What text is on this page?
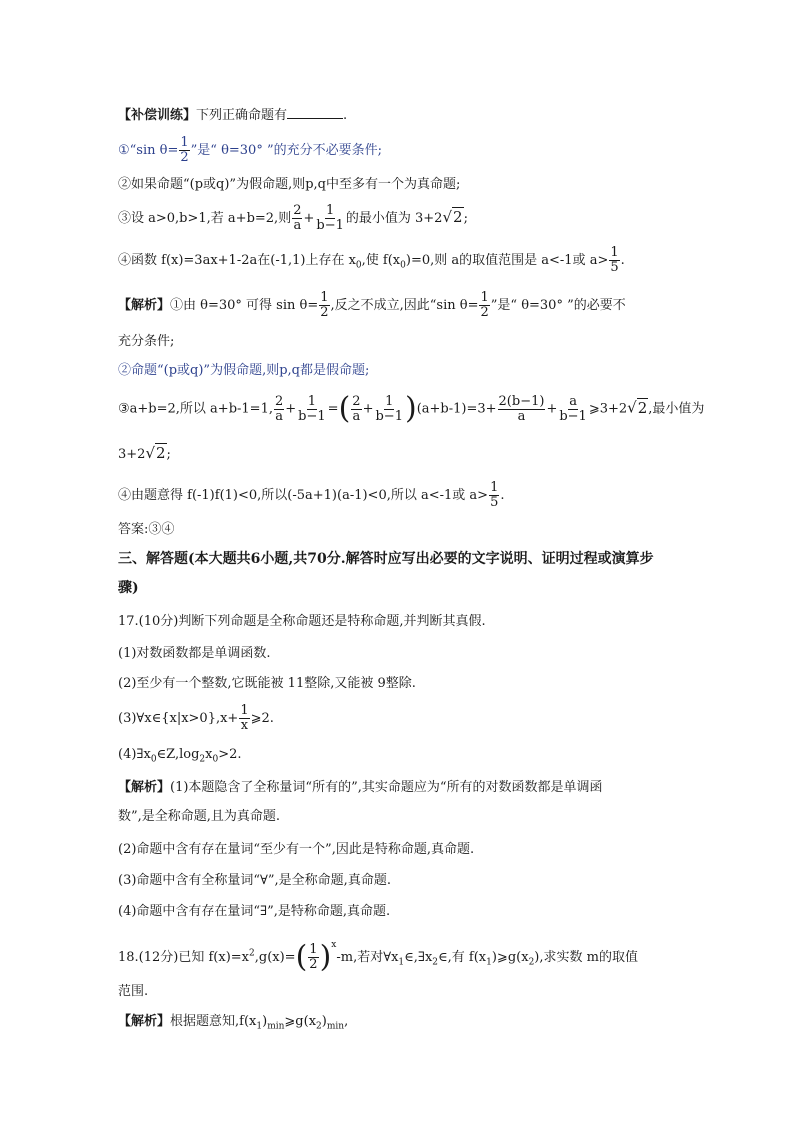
【补偿训练】下列正确命题有	.
①“sin $\theta= \frac{1}{2}$ ”是“ θ=30° ”的充分不必要条件;
②如果命题“(p或q)”为假命题,则p,q中至多有一个为真命题;
③设 a>0,b>1,若 a+b=2,则 $\frac{2}{a} + \frac{1}{b-1}$ 的最小值为 3+2√2;
④函数 f(x)=3ax+1-2a在(-1,1)上存在 $x_0$,使 $f(x_0)=0$,则 a的取值范围是 a<-1或 $a> \frac{1}{5}$ .
【解析】①由 θ=30° 可得 $\sin \theta= \frac{1}{2}$ ,反之不成立,因此“sin $\theta= \frac{1}{2}$ ”是“ θ=30° ”的必要不
充分条件;
②命题“(p或q)”为假命题,则p,q都是假命题;
③a+b=2,所以 a+b-1=1, $\frac{2}{a} + \frac{1}{b-1}$ =( $\frac{2}{a} + \frac{1}{b-1} )(a+b-1)=3+ \frac{2(b-1)}{a} + \frac{a}{b-1}$ ⩾3+2√2,最小值为
3+2√2;
④由题意得 f(-1)f(1)<0,所以(-5a+1)(a-1)<0,所以 a<-1或 $a> \frac{1}{5}$ .
答案:③④
三、解答题(本大题共6小题,共70分.解答时应写出必要的文字说明、证明过程或演算步
骤)
17.(10分)判断下列命题是全称命题还是特称命题,并判断其真假.
(1)对数函数都是单调函数.
(2)至少有一个整数,它既能被 11整除,又能被 9整除.
(3)∀x∈{x|x>0},x+ $\frac{1}{x}$ ⩾2.
$(4)\exists x_0\in Z,\log_2x_0>2$.
【解析】(1)本题隐含了全称量词“所有的”,其实命题应为“所有的对数函数都是单调函
数”,是全称命题,且为真命题.
(2)命题中含有存在量词“至少有一个”,因此是特称命题,真命题.
(3)命题中含有全称量词“∀”,是全称命题,真命题.
(4)命题中含有存在量词“∃”,是特称命题,真命题.
18.(12分)已知 $f(x)=x^2,g(x)=( \frac{1}{2} )^x-m$,若对$\forall x_1\in,\exists x_2\in$,有 $f(x_1)⩾g(x_2)$,求实数 m的取值
范围.
【解析】根据题意知$,f(x_1)_{min}⩾g(x_2)_{min}$,
